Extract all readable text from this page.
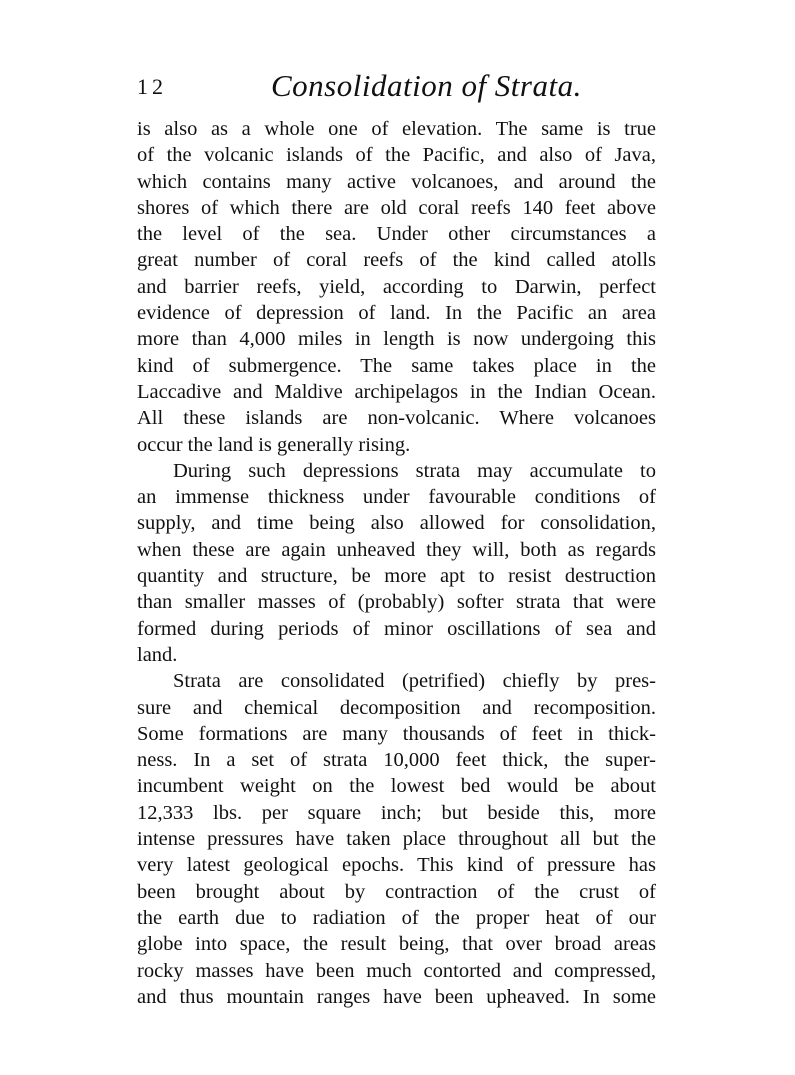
12	Consolidation of Strata.
is also as a whole one of elevation. The same is true
of the volcanic islands of the Pacific, and also of Java,
which contains many active volcanoes, and around the
shores of which there are old coral reefs 140 feet above
the level of the sea. Under other circumstances a
great number of coral reefs of the kind called atolls
and barrier reefs, yield, according to Darwin, perfect
evidence of depression of land. In the Pacific an area
more than 4,000 miles in length is now undergoing this
kind of submergence. The same takes place in the
Laccadive and Maldive archipelagos in the Indian Ocean.
All these islands are non-volcanic. Where volcanoes
occur the land is generally rising.
During such depressions strata may accumulate to
an immense thickness under favourable conditions of
supply, and time being also allowed for consolidation,
when these are again unheaved they will, both as regards
quantity and structure, be more apt to resist destruction
than smaller masses of (probably) softer strata that were
formed during periods of minor oscillations of sea and
land.
Strata are consolidated (petrified) chiefly by pres-
sure and chemical decomposition and recomposition.
Some formations are many thousands of feet in thick-
ness. In a set of strata 10,000 feet thick, the super-
incumbent weight on the lowest bed would be about
12,333 lbs. per square inch; but beside this, more
intense pressures have taken place throughout all but the
very latest geological epochs. This kind of pressure has
been brought about by contraction of the crust of
the earth due to radiation of the proper heat of our
globe into space, the result being, that over broad areas
rocky masses have been much contorted and compressed,
and thus mountain ranges have been upheaved. In some
